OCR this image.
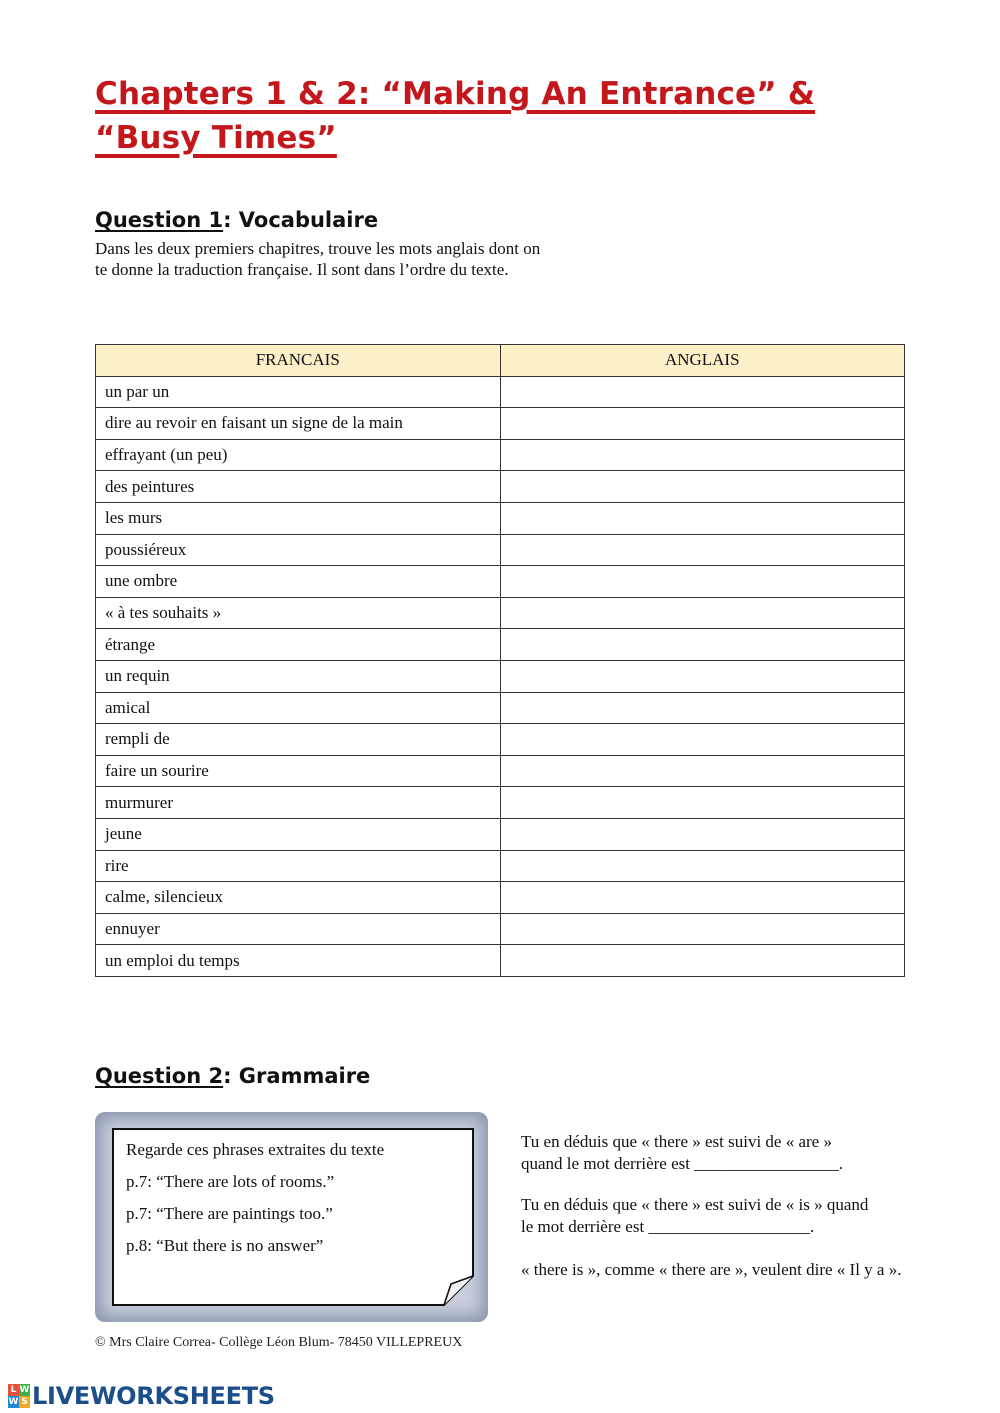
Chapters 1 & 2: “Making An Entrance” &
“Busy Times”
Question 1: Vocabulaire
Dans les deux premiers chapitres, trouve les mots anglais dont on
te donne la traduction française. Il sont dans l’ordre du texte.
FRANCAIS	ANGLAIS
un par un	
dire au revoir en faisant un signe de la main	
effrayant (un peu)	
des peintures	
les murs	
poussiéreux	
une ombre	
« à tes souhaits »	
étrange	
un requin	
amical	
rempli de	
faire un sourire	
murmurer	
jeune	
rire	
calme, silencieux	
ennuyer	
un emploi du temps	
Question 2: Grammaire
Regarde ces phrases extraites du texte
p.7: “There are lots of rooms.”
p.7: “There are paintings too.”
p.8: “But there is no answer”
Tu en déduis que « there » est suivi de « are »
quand le mot derrière est _________________.
Tu en déduis que « there » est suivi de « is » quand
le mot derrière est ___________________.
« there is », comme « there are », veulent dire « Il y a ».
© Mrs Claire Correa- Collège Léon Blum- 78450 VILLEPREUX
L W
W S LIVEWORKSHEETS
